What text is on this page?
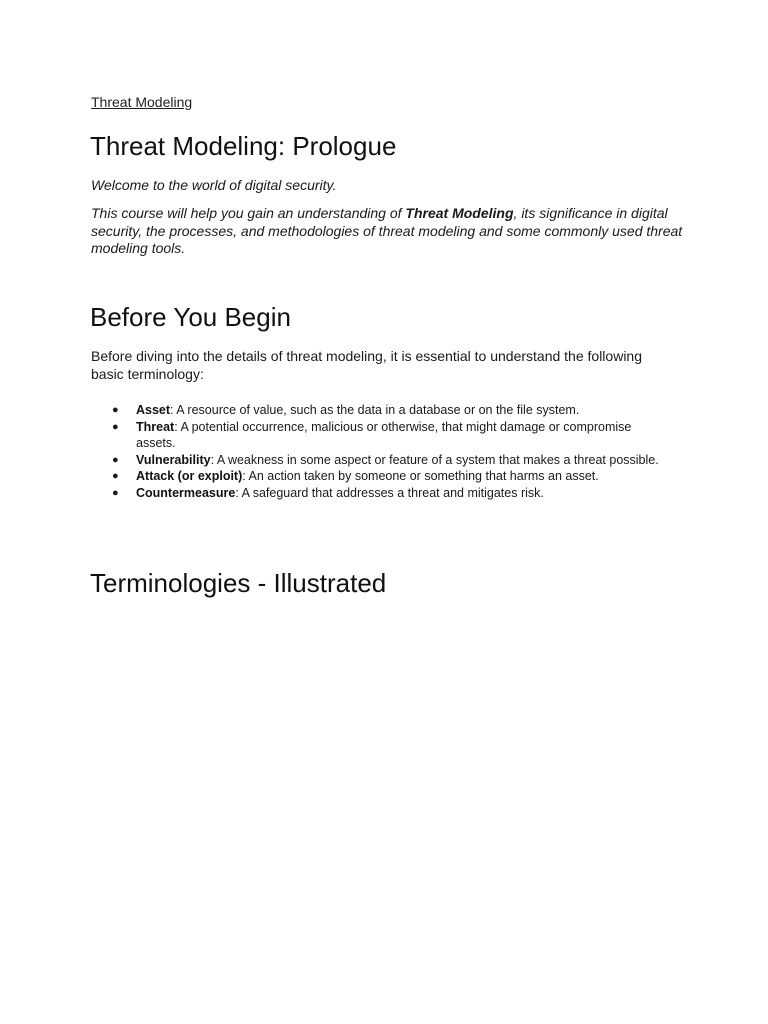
Threat Modeling
Threat Modeling: Prologue

Welcome to the world of digital security.

This course will help you gain an understanding of Threat Modeling, its significance in digital security, the processes, and methodologies of threat modeling and some commonly used threat modeling tools.

Before You Begin

Before diving into the details of threat modeling, it is essential to understand the following basic terminology:

● Asset: A resource of value, such as the data in a database or on the file system.
● Threat: A potential occurrence, malicious or otherwise, that might damage or compromise assets.
● Vulnerability: A weakness in some aspect or feature of a system that makes a threat possible.
● Attack (or exploit): An action taken by someone or something that harms an asset.
● Countermeasure: A safeguard that addresses a threat and mitigates risk.
Terminologies - Illustrated
